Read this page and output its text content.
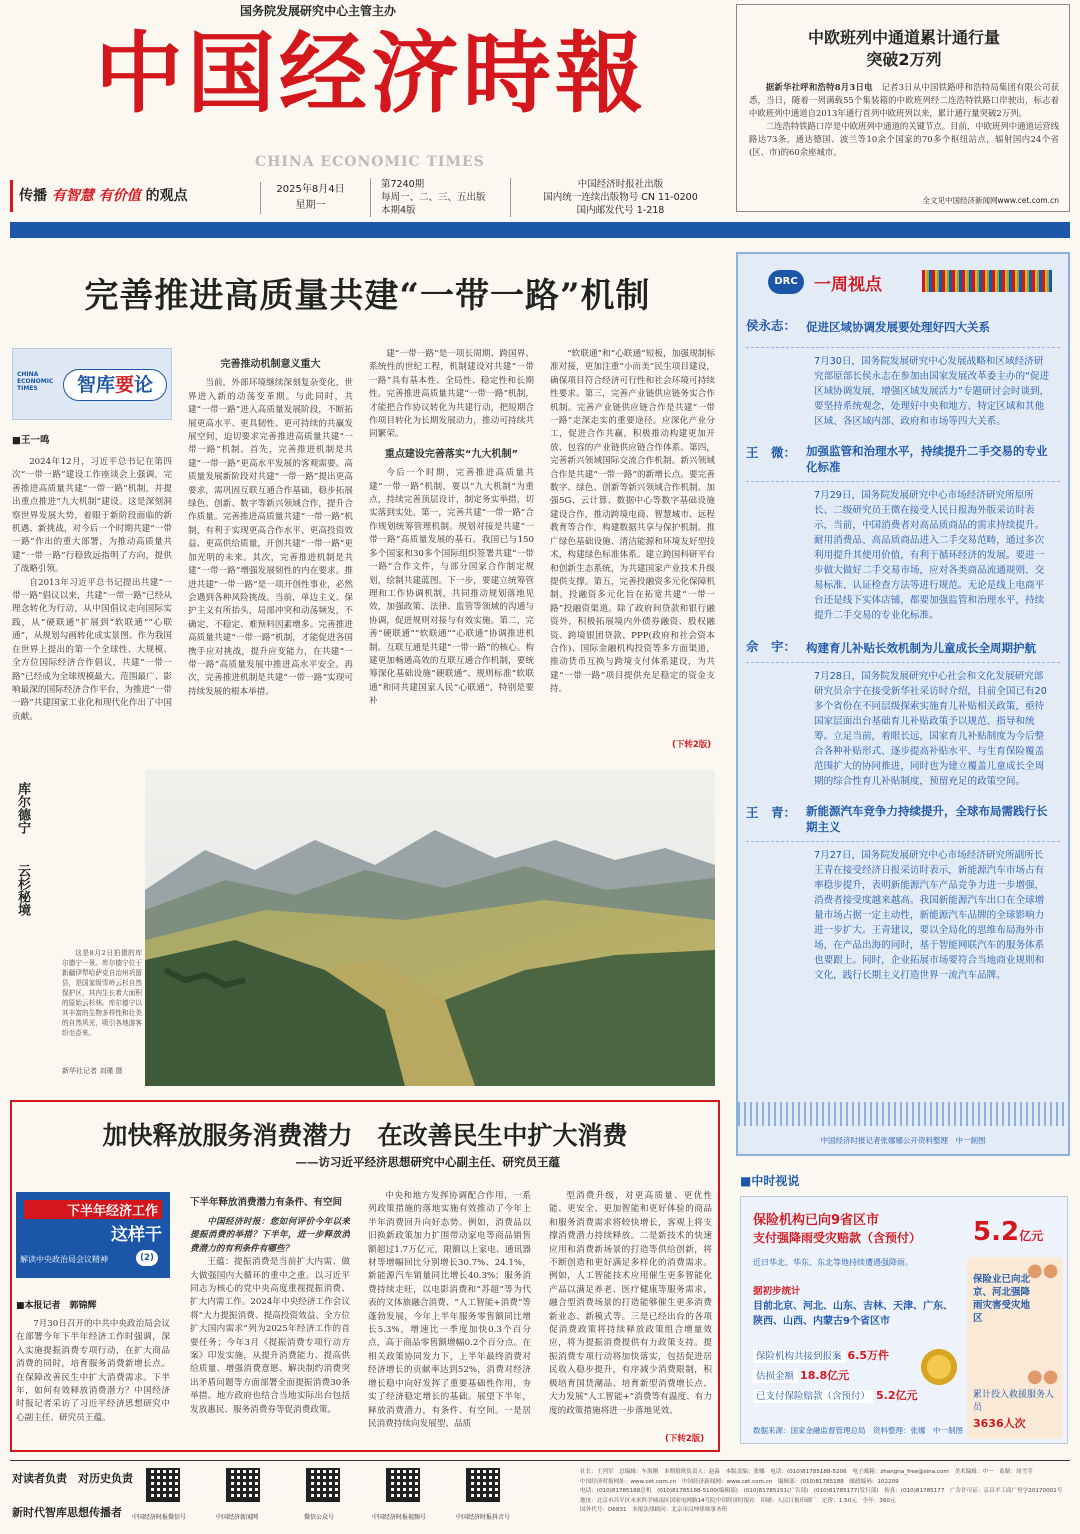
国务院发展研究中心主管主办
中国经济時報
CHINA ECONOMIC TIMES
传播 有智慧 有价值 的观点	2025年8月4日
星期一
第7240期
每周一、二、三、五出版
本期4版
中国经济时报社出版
国内统一连续出版物号 CN 11-0200
国内邮发代号 1-218
中欧班列中通道累计通行量
突破2万列

据新华社呼和浩特8月3日电　 记者3日从中国铁路呼和浩特局集团有限公司获悉，当日，随着一列满载55个集装箱的中欧班列经二连浩特铁路口岸驶出，标志着中欧班列中通道自2013年通行首列中欧班列以来，累计通行量突破2万列。

二连浩特铁路口岸是中欧班列中通道的关键节点。目前，中欧班列中通道运营线路达73条，通达德国、波兰等10余个国家的70多个枢纽站点，辐射国内24个省(区、市)的60余座城市。

全文见中国经济新闻网www.cet.com.cn
完善推进高质量共建“一带一路”机制
CHINA ECONOMIC TIMES	智库要论
■王一鸣

2024年12月，习近平总书记在第四次“一带一路”建设工作座谈会上强调，完善推进高质量共建“一带一路”机制，并提出重点推进“九大机制”建设。这是深刻洞察世界发展大势，着眼于新阶段面临的新机遇、新挑战，对今后一个时期共建“一带一路”作出的重大部署，为推动高质量共建“一带一路”行稳致远指明了方向，提供了战略引领。

自2013年习近平总书记提出共建“一带一路”倡议以来，共建“一带一路”已经从理念转化为行动，从中国倡议走向国际实践，从“硬联通”扩展到“软联通”“心联通”，从规划勾画转化成实景图。作为我国在世界上提出的第一个全球性、大规模、全方位国际经济合作倡议，共建“一带一路”已经成为全球规模最大、范围最广、影响最深的国际经济合作平台，为推进“一带一路”共建国家工业化和现代化作出了中国贡献。

完善推动机制意义重大

当前，外部环境继续深刻复杂变化，世界进入新的动荡变革期。与此同时，共建“一带一路”进入高质量发展阶段，不断拓展更高水平、更具韧性、更可持续的共赢发展空间，迫切要求完善推进高质量共建“一带一路”机制。首先，完善推进机制是共建“一带一路”更高水平发展的客观需要。高质量发展新阶段对共建“一带一路”提出更高要求，需巩固互联互通合作基础，稳步拓展绿色、创新、数字等新兴领域合作，提升合作质量。完善推进高质量共建“一带一路”机制，有利于实现更高合作水平、更高投资效益、更高供给质量，开创共建“一带一路”更加光明的未来。其次，完善推进机制是共建“一带一路”增强发展韧性的内在要求。推进共建“一带一路”是一项开创性事业，必然会遇到各种风险挑战。当前，单边主义、保护主义有所抬头，局部冲突和动荡频发，不确定、不稳定、难预料因素增多。完善推进高质量共建“一带一路”机制，才能促进各国携手应对挑战，提升应变能力，在共建“一带一路”高质量发展中推进高水平安全。再次，完善推进机制是共建“一带一路”实现可持续发展的根本举措。

建“一带一路”是一项长周期、跨国界、系统性的世纪工程，机制建设对共建“一带一路”具有基本性、全局性、稳定性和长期性。完善推进高质量共建“一带一路”机制，才能把合作协议转化为共建行动，把短期合作项目转化为长期发展动力，推动可持续共同繁荣。

重点建设完善落实“九大机制”

今后一个时期，完善推进高质量共建“一带一路”机制，要以“九大机制”为重点，持续完善顶层设计，制定务实举措，切实落到实处。第一，完善共建“一带一路”合作规划统筹管理机制。规划对接是共建“一带一路”高质量发展的基石。我国已与150多个国家和30多个国际组织签署共建“一带一路”合作文件，与部分国家合作制定规划，绘制共建蓝图。下一步，要建立统筹管理和工作协调机制，共同推动规划落地见效，加强政策、法律、监管等领域的沟通与协调，促进规则对接与有效实施。第二，完善“硬联通”“软联通”“心联通”协调推进机制。互联互通是共建“一带一路”的核心。构建更加畅通高效的互联互通合作机制，要统筹深化基础设施“硬联通”、规则标准“软联通”和同共建国家人民“心联通”，特别是要补

“软联通”和“心联通”短板，加强规制标准对接，更加注重“小而美”民生项目建设，确保项目符合经济可行性和社会环境可持续性要求。第三，完善产业链供应链务实合作机制。完善产业链供应链合作是共建“一带一路”走深走实的重要途径。应深化产业分工，促进合作共赢，积极推动构建更加开放、包容的产业链供应链合作体系。第四，完善新兴领域国际交流合作机制。新兴领域合作是共建“一带一路”的新增长点。要完善数字、绿色、创新等新兴领域合作机制。加强5G、云计算、数据中心等数字基础设施建设合作，推动跨境电商、智慧城市、远程教育等合作，构建数据共享与保护机制。推广绿色基础设施、清洁能源和环境友好型技术，构建绿色标准体系。建立跨国科研平台和创新生态系统，为共建国家产业技术升级提供支撑。第五，完善投融资多元化保障机制。投融资多元化旨在拓宽共建“一带一路”投融资渠道。除了政府间贷款和银行融资外，积极拓展境内外债券融资、股权融资、跨境银团贷款、PPP(政府和社会资本合作)、国际金融机构投资等多方面渠道，推动货币互换与跨境支付体系建设，为共建“一带一路”项目提供充足稳定的资金支持。

(下转2版)
库尔德宁
云杉秘境

这是8月2日拍摄的库尔德宁一景。库尔德宁位于新疆伊犁哈萨克自治州巩留县，是国家级雪岭云杉自然保护区，其内生长着大面积的原始云杉林。库尔德宁以其丰富的生物多样性和壮美的自然风光，吸引各地游客纷至沓来。

新华社记者 刘瑾 摄
DRC 一周视点
侯永志： 促进区域协调发展要处理好四大关系
7月30日，国务院发展研究中心发展战略和区域经济研究部原部长侯永志在参加由国家发展改革委主办的“促进区域协调发展，增强区域发展活力”专题研讨会时谈到，要坚持系统观念，处理好中央和地方、特定区域和其他区域、各区域内部、政府和市场等四大关系。
王　微： 加强监管和治理水平，持续提升二手交易的专业化标准
7月29日，国务院发展研究中心市场经济研究所原所长、二级研究员王微在接受人民日报海外版采访时表示，当前，中国消费者对高品质商品的需求持续提升。耐用消费品、高品质商品进入二手交易范畴，通过多次利用提升其使用价值，有利于循环经济的发展。要进一步做大做好二手交易市场，应对各类商品流通规则、交易标准、认证检查方法等进行规范。无论是线上电商平台还是线下实体店铺，都要加强监管和治理水平，持续提升二手交易的专业化标准。
佘　宇： 构建育儿补贴长效机制为儿童成长全周期护航
7月28日，国务院发展研究中心社会和文化发展研究部研究员佘宇在接受新华社采访时介绍，目前全国已有20多个省份在不同层级探索实施育儿补贴相关政策，亟待国家层面出台基础育儿补贴政策予以规范、指导和统筹。立足当前，着眼长远，国家育儿补贴制度为今后整合各种补贴形式、逐步提高补贴水平、与生育保险覆盖范围扩大的协同推进，同时也为建立覆盖儿童成长全周期的综合性育儿补贴制度，预留充足的政策空间。
王　青： 新能源汽车竞争力持续提升，全球布局需践行长期主义
7月27日，国务院发展研究中心市场经济研究所副所长王青在接受经济日报采访时表示，新能源汽车市场占有率稳步提升，表明新能源汽车产品竞争力进一步增强，消费者接受度越来越高。我国新能源汽车出口在全球增量市场占据一定主动性，新能源汽车品牌的全球影响力进一步扩大。王青建议，要以全局化的思维布局海外市场，在产品出海的同时，基于智能网联汽车的服务体系也要跟上。同时，企业拓展市场要符合当地商业规则和文化，践行长期主义打造世界一流汽车品牌。
中国经济时报记者张娜娜公开资料整理　中一制图
加快释放服务消费潜力　在改善民生中扩大消费
——访习近平经济思想研究中心副主任、研究员王蕴
下半年经济工作
这样干
解读中央政治局会议精神	(2)
■本报记者　郭锦辉

7月30日召开的中共中央政治局会议在部署今年下半年经济工作时强调，深入实施提振消费专项行动，在扩大商品消费的同时，培育服务消费新增长点。在保障改善民生中扩大消费需求。下半年，如何有效释放消费潜力？中国经济时报记者采访了习近平经济思想研究中心副主任、研究员王蕴。

下半年释放消费潜力有条件、有空间

中国经济时报：您如何评价今年以来提振消费的举措？下半年，进一步释放消费潜力的有利条件有哪些？

王蕴：提振消费是当前扩大内需、做大做强国内大循环的重中之重。以习近平同志为核心的党中央高度重视提振消费、扩大内需工作。2024年中央经济工作会议将“大力提振消费、提高投资效益、全方位扩大国内需求”列为2025年经济工作的首要任务；今年3月《提振消费专项行动方案》印发实施，从提升消费能力、提高供给质量、增强消费意愿、解决制约消费突出矛盾问题等方面部署全面提振消费30条举措。地方政府也结合当地实际出台包括发放惠民、服务消费券等促消费政策。

中央和地方发挥协调配合作用，一系列政策措施的落地实施有效推动了今年上半年消费回升向好态势。例如，消费品以旧换新政策加力扩围带动家电等商品销售额超过1.7万亿元，限额以上家电、通讯器材等增幅回比分别增长30.7%、24.1%，新能源汽车销量同比增长40.3%；服务消费持续走旺，以电影消费和“苏超”等为代表的文体旅融合消费、“人工智能+消费”等蓬勃发展，今年上半年服务零售额同比增长5.3%，增速比一季度加快0.3个百分点，高于商品零售额增幅0.2个百分点。在相关政策协同发力下，上半年最终消费对经济增长的贡献率达到52%，消费对经济增长稳中向好发挥了重要基础性作用，夯实了经济稳定增长的基础。展望下半年，释放消费潜力，有条件、有空间。一是居民消费持续向发展型、品质

型消费升级，对更高质量、更优性能、更安全、更加智能和更好体验的商品和服务消费需求将较快增长，客观上将支撑消费潜力持续释放。二是新技术的快速应用和消费新场景的打造等供给创新，将不断创造和更好满足多样化的消费需求。例如，人工智能技术应用催生更多智能化产品以满足养老、医疗健康等服务需求，融合型消费场景的打造能够催生更多消费新业态、新模式等。三是已经出台的各项促消费政策将持续释放政策组合增量效应，将为提振消费提供有力政策支持。提振消费专项行动将加快落实，包括促进居民收入稳步提升，有序减少消费限制，积极培育国货潮品、培育新型消费增长点、大力发展“人工智能+”消费等有温度、有力度的政策措施将进一步落地见效。

(下转2版)
■中时视说
保险机构已向9省区市
支付强降雨受灾赔款（含预付） 5.2亿元
近日华北、华东、东北等地持续遭遇强降雨。
据初步统计
目前北京、河北、山东、吉林、天津、广东、陕西、山西、内蒙古9个省区市
保险机构共接到报案 6.5万件
估损金额 18.8亿元
已支付保险赔款（含预付） 5.2亿元
●●
保险业已向北京、河北强降雨灾害受灾地区
●●
累计投入救援服务人员
3636人次
数据来源：国家金融监督管理总局　资料整理：张娜　中一制图
对读者负责　 对历史负责
新时代智库思想传播者 中国经济时报微信号	中国经济新闻网	微信公众号	中国经济时报视频号	中国经济时报抖音号
社长：王列军　总编辑：车海刚　本期值班负责人：赵淼　本版责编：张娜　电话：(010)81785188-5206　电子邮箱：zhangna_free@sina.com　美术编辑：中一　监制：周雪莹
中国经济时报网址：www.cet.com.cn　中国经济新闻网：www.cet.com.cn　编辑部：(010)81785188　邮政编码：102209
电话：(010)81785188总机　(010)81785188-5100(编辑部)　(010)81785151(广告部)　(010)81785177(发行部)　传真：(010)81785177　广告许可证：京昌平工商广登字20170001号
地址：北京市昌平区未来科学城南区国家电网路14号院中国经济时报社　印刷：人民日报印刷厂　定价：1.50元　全年：360元
国外代号：D6831　本报法律顾问：北京市汉坤律师事务所
